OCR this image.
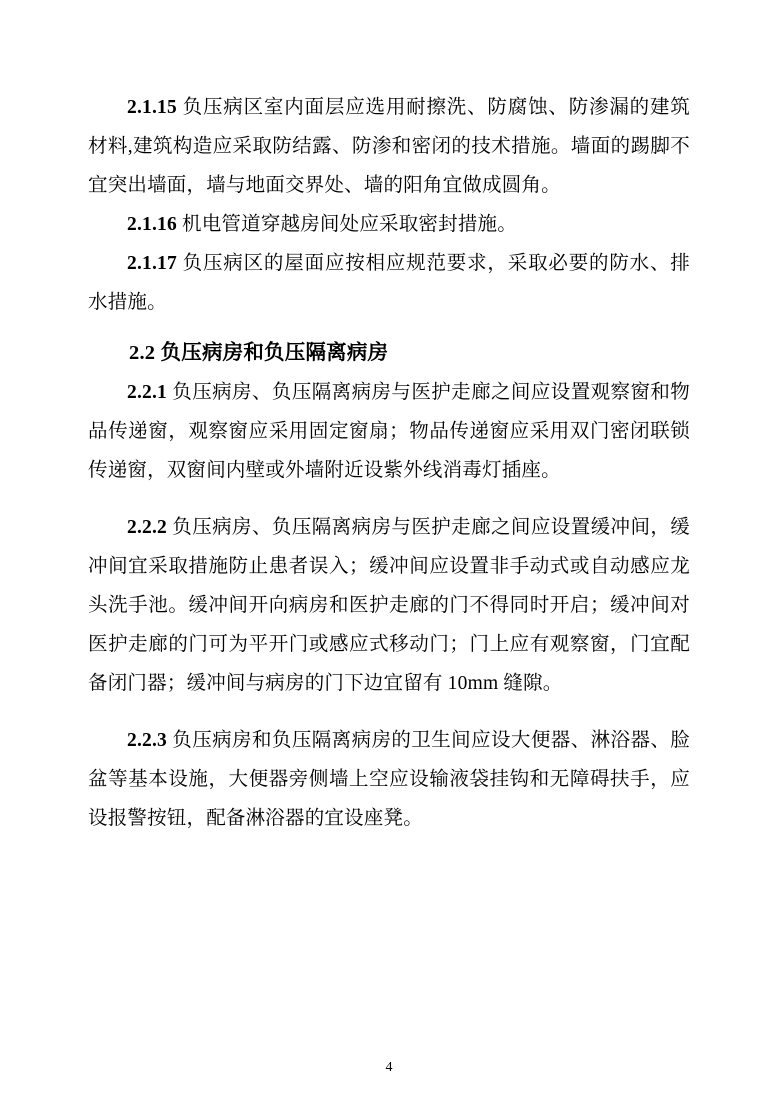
2.1.15 负压病区室内面层应选用耐擦洗、防腐蚀、防渗漏的建筑材料,建筑构造应采取防结露、防渗和密闭的技术措施。墙面的踢脚不宜突出墙面，墙与地面交界处、墙的阳角宜做成圆角。

2.1.16 机电管道穿越房间处应采取密封措施。

2.1.17 负压病区的屋面应按相应规范要求，采取必要的防水、排水措施。

2.2 负压病房和负压隔离病房

2.2.1 负压病房、负压隔离病房与医护走廊之间应设置观察窗和物品传递窗，观察窗应采用固定窗扇；物品传递窗应采用双门密闭联锁传递窗，双窗间内壁或外墙附近设紫外线消毒灯插座。

2.2.2 负压病房、负压隔离病房与医护走廊之间应设置缓冲间，缓冲间宜采取措施防止患者误入；缓冲间应设置非手动式或自动感应龙头洗手池。缓冲间开向病房和医护走廊的门不得同时开启；缓冲间对医护走廊的门可为平开门或感应式移动门；门上应有观察窗，门宜配备闭门器；缓冲间与病房的门下边宜留有 10mm 缝隙。

2.2.3 负压病房和负压隔离病房的卫生间应设大便器、淋浴器、脸盆等基本设施，大便器旁侧墙上空应设输液袋挂钩和无障碍扶手，应设报警按钮，配备淋浴器的宜设座凳。

4
